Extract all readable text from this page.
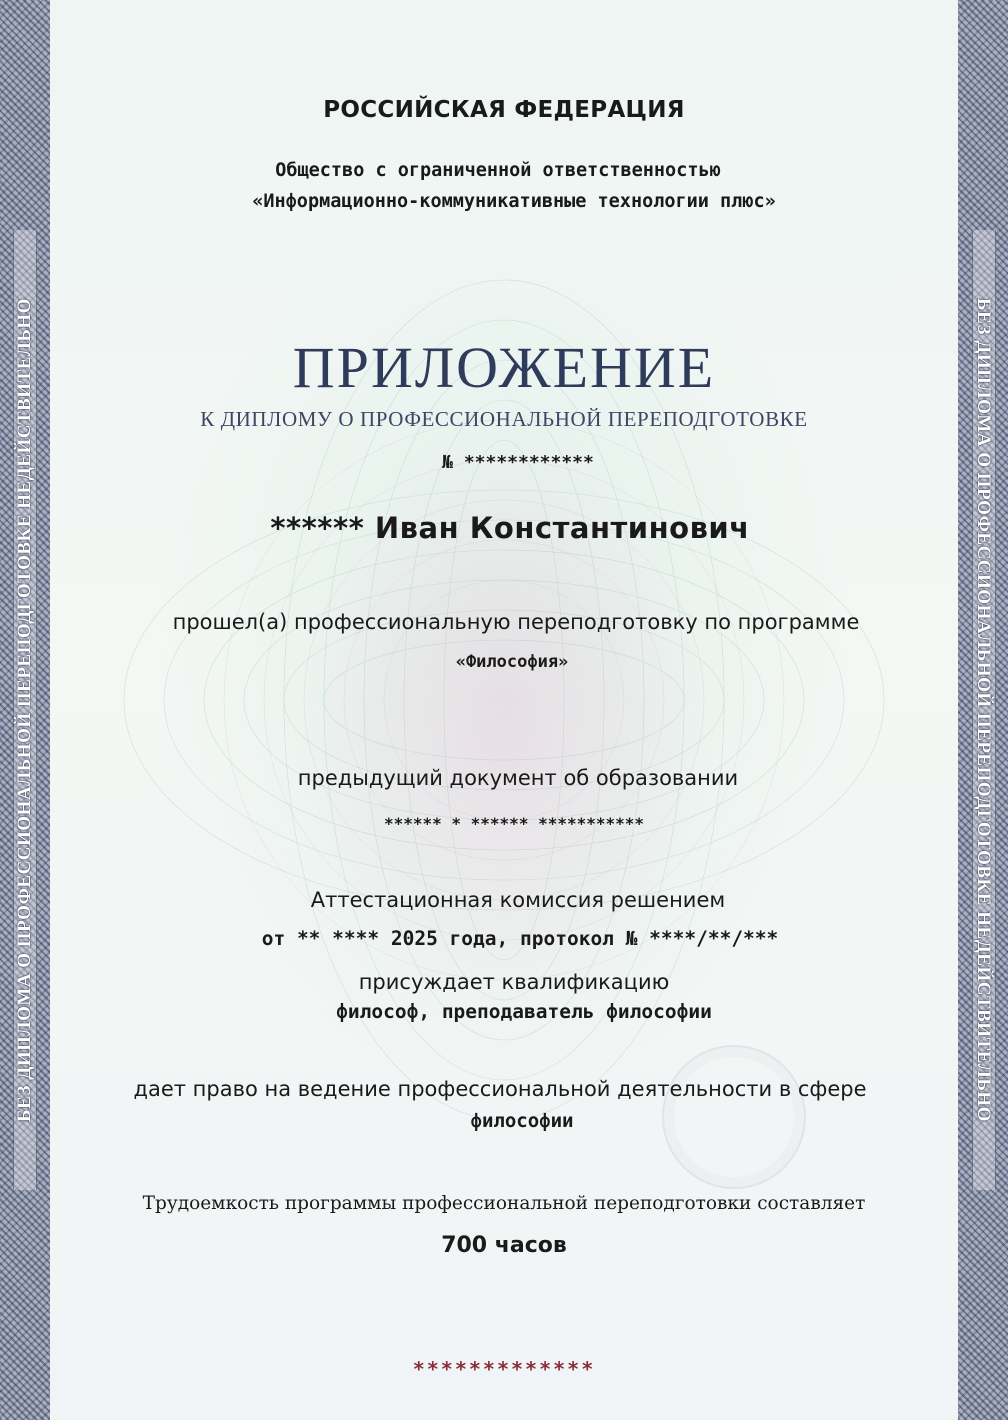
БЕЗ ДИПЛОМА О ПРОФЕССИОНАЛЬНОЙ ПЕРЕПОДГОТОВКЕ НЕДЕЙСТВИТЕЛЬНО	БЕЗ ДИПЛОМА О ПРОФЕССИОНАЛЬНОЙ ПЕРЕПОДГОТОВКЕ НЕДЕЙСТВИТЕЛЬНО
РОССИЙСКАЯ ФЕДЕРАЦИЯ
Общество с ограниченной ответственностью
«Информационно-коммуникативные технологии плюс»
ПРИЛОЖЕНИЕ
К ДИПЛОМУ О ПРОФЕССИОНАЛЬНОЙ ПЕРЕПОДГОТОВКЕ
№ ************
****** Иван Константинович
прошел(а) профессиональную переподготовку по программе
«Философия»
предыдущий документ об образовании
****** * ****** ***********
Аттестационная комиссия решением
от ** **** 2025 года, протокол № ****/**/***
присуждает квалификацию
философ, преподаватель философии
дает право на ведение профессиональной деятельности в сфере
философии
Трудоемкость программы профессиональной переподготовки составляет
700 часов
*************
